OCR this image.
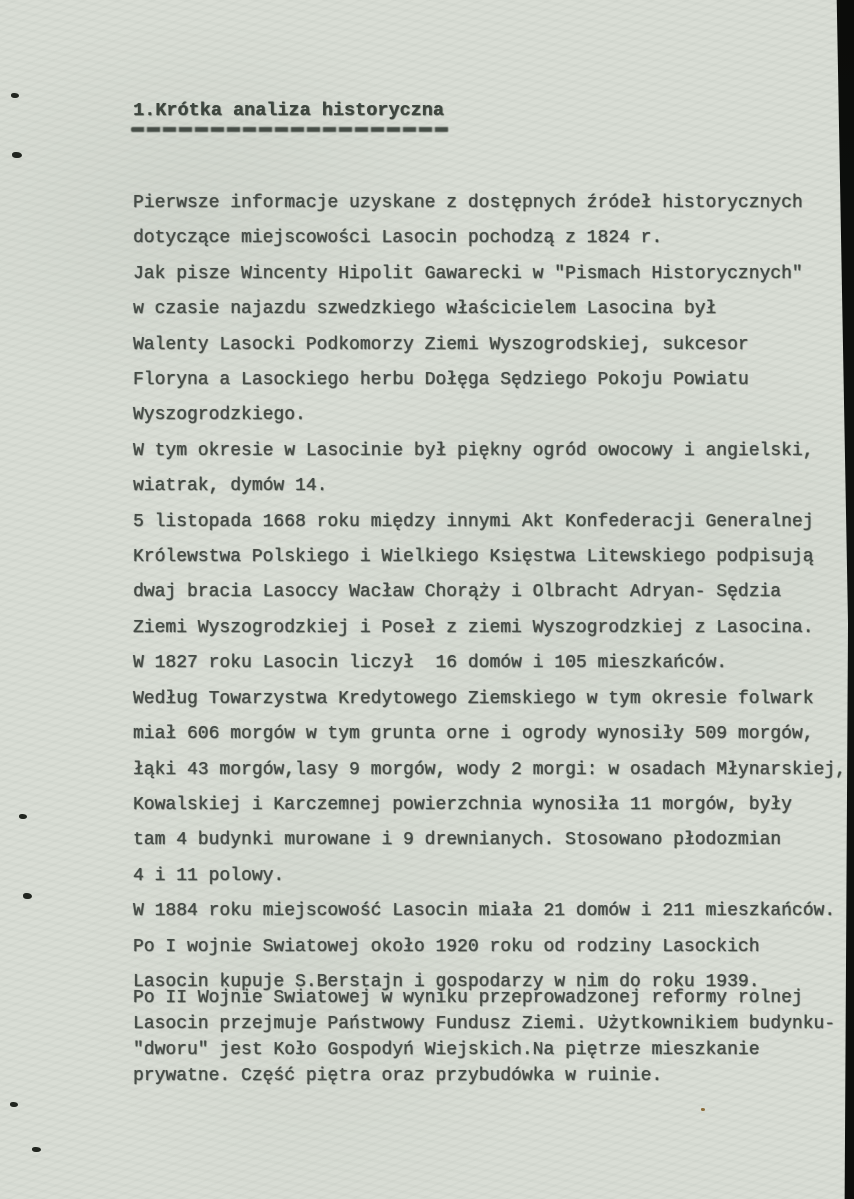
1.Krótka analiza historyczna
Pierwsze informacje uzyskane z dostępnych źródeł historycznych
dotyczące miejscowości Lasocin pochodzą z 1824 r.
Jak pisze Wincenty Hipolit Gawarecki w "Pismach Historycznych"
w czasie najazdu szwedzkiego właścicielem Lasocina był
Walenty Lasocki Podkomorzy Ziemi Wyszogrodskiej, sukcesor
Floryna a Lasockiego herbu Dołęga Sędziego Pokoju Powiatu
Wyszogrodzkiego.
W tym okresie w Lasocinie był piękny ogród owocowy i angielski,
wiatrak, dymów 14.
5 listopada 1668 roku między innymi Akt Konfederacji Generalnej
Królewstwa Polskiego i Wielkiego Księstwa Litewskiego podpisują
dwaj bracia Lasoccy Wacław Chorąży i Olbracht Adryan- Sędzia
Ziemi Wyszogrodzkiej i Poseł z ziemi Wyszogrodzkiej z Lasocina.
W 1827 roku Lasocin liczył  16 domów i 105 mieszkańców.
Według Towarzystwa Kredytowego Ziemskiego w tym okresie folwark
miał 606 morgów w tym grunta orne i ogrody wynosiły 509 morgów,
łąki 43 morgów,lasy 9 morgów, wody 2 morgi: w osadach Młynarskiej,
Kowalskiej i Karczemnej powierzchnia wynosiła 11 morgów, były
tam 4 budynki murowane i 9 drewnianych. Stosowano płodozmian
4 i 11 polowy.
W 1884 roku miejscowość Lasocin miała 21 domów i 211 mieszkańców.
Po I wojnie Swiatowej około 1920 roku od rodziny Lasockich
Lasocin kupuje S.Berstajn i gospodarzy w nim do roku 1939.
Po II Wojnie Swiatowej w wyniku przeprowadzonej reformy rolnej
Lasocin przejmuje Państwowy Fundusz Ziemi. Użytkownikiem budynku-
"dworu" jest Koło Gospodyń Wiejskich.Na piętrze mieszkanie
prywatne. Część piętra oraz przybudówka w ruinie.
